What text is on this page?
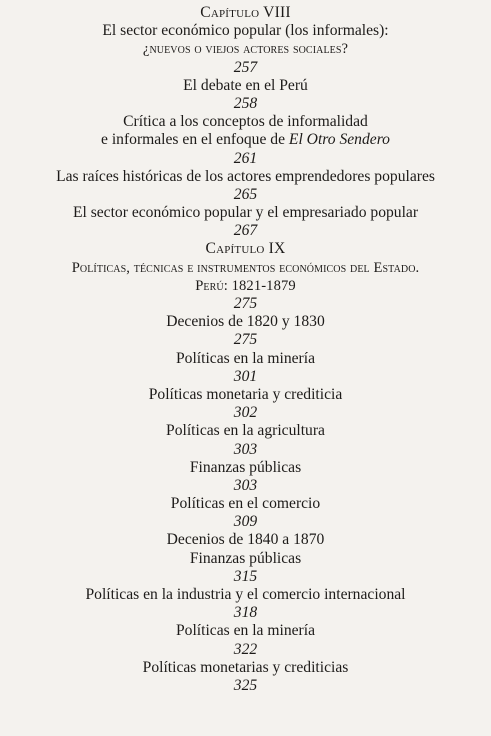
Capítulo VIII
El sector económico popular (los informales):
¿nuevos o viejos actores sociales?
257
El debate en el Perú
258
Crítica a los conceptos de informalidad
e informales en el enfoque de El Otro Sendero
261
Las raíces históricas de los actores emprendedores populares
265
El sector económico popular y el empresariado popular
267
Capítulo IX
Políticas, técnicas e instrumentos económicos del Estado.
Perú: 1821-1879
275
Decenios de 1820 y 1830
275
Políticas en la minería
301
Políticas monetaria y crediticia
302
Políticas en la agricultura
303
Finanzas públicas
303
Políticas en el comercio
309
Decenios de 1840 a 1870
Finanzas públicas
315
Políticas en la industria y el comercio internacional
318
Políticas en la minería
322
Políticas monetarias y crediticias
325
